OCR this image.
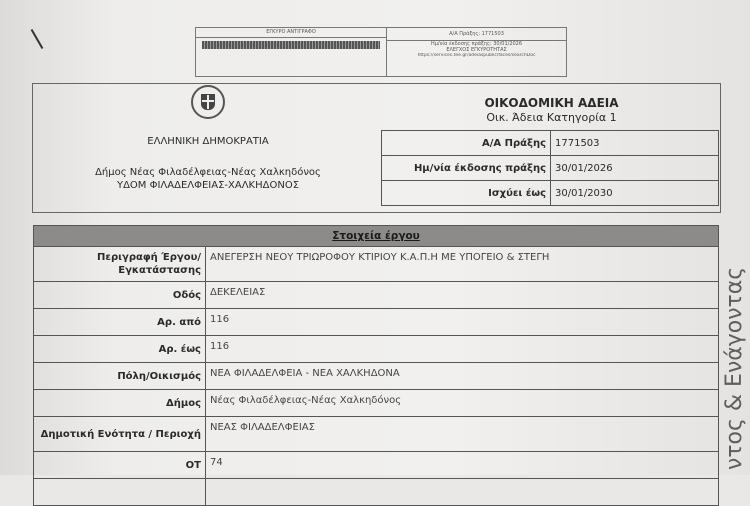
ΕΓΚΥΡΟ ΑΝΤΙΓΡΑΦΟ	Α/Α Πράξης: 1771503
Ημ/νία έκδοσης πράξης: 30/01/2026
ΕΛΕΓΧΟΣ ΕΓΚΥΡΟΤΗΤΑΣ
https://services.tee.gr/adeiaspublic/faces/searchDoc
ΕΛΛΗΝΙΚΗ ΔΗΜΟΚΡΑΤΙΑ
Δήμος Νέας Φιλαδέλφειας-Νέας Χαλκηδόνος
ΥΔΟΜ ΦΙΛΑΔΕΛΦΕΙΑΣ-ΧΑΛΚΗΔΟΝΟΣ
ΟΙΚΟΔΟΜΙΚΗ ΑΔΕΙΑ
Οικ. Άδεια Κατηγορία 1
Α/Α Πράξης	1771503
Ημ/νία έκδοσης πράξης	30/01/2026
Ισχύει έως	30/01/2030
Στοιχεία έργου	
Περιγραφή Έργου/Εγκατάστασης	ΑΝΕΓΕΡΣΗ ΝΕΟΥ ΤΡΙΩΡΟΦΟΥ ΚΤΙΡΙΟΥ Κ.Α.Π.Η ΜΕ ΥΠΟΓΕΙΟ & ΣΤΕΓΗ
Οδός	ΔΕΚΕΛΕΙΑΣ
Αρ. από	116
Αρ. έως	116
Πόλη/Οικισμός	ΝΕΑ ΦΙΛΑΔΕΛΦΕΙΑ - ΝΕΑ ΧΑΛΚΗΔΟΝΑ
Δήμος	Νέας Φιλαδέλφειας-Νέας Χαλκηδόνος
Δημοτική Ενότητα / Περιοχή	ΝΕΑΣ ΦΙΛΑΔΕΛΦΕΙΑΣ
ΟΤ	74
		ντος & Ενάγοντας
